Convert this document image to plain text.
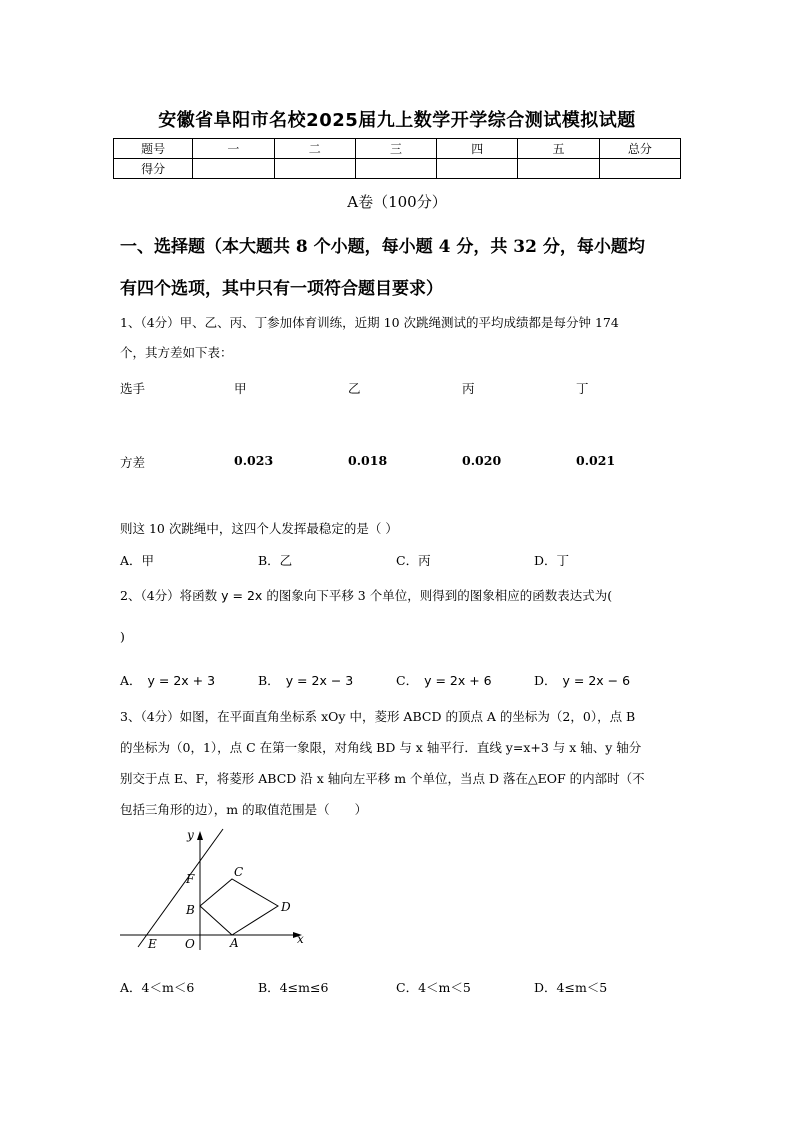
安徽省阜阳市名校2025届九上数学开学综合测试模拟试题
题号	一	二	三	四	五	总分
得分						
A卷（100分）
一、选择题（本大题共 8 个小题，每小题 4 分，共 32 分，每小题均
有四个选项，其中只有一项符合题目要求）
1、（4分）甲、乙、丙、丁参加体育训练，近期 10 次跳绳测试的平均成绩都是每分钟 174
个，其方差如下表：
选手	甲	乙	丙	丁
方差	0.023	0.018	0.020	0.021
则这 10 次跳绳中，这四个人发挥最稳定的是（ ）
A．甲	B．乙	C．丙	D．丁
2、（4分）将函数 y = 2x 的图象向下平移 3 个单位，则得到的图象相应的函数表达式为(
)
A． y = 2x + 3	B． y = 2x − 3	C． y = 2x + 6	D． y = 2x − 6
3、（4分）如图，在平面直角坐标系 xOy 中，菱形 ABCD 的顶点 A 的坐标为（2，0），点 B
的坐标为（0，1），点 C 在第一象限，对角线 BD 与 x 轴平行．直线 y=x+3 与 x 轴、y 轴分
别交于点 E、F，将菱形 ABCD 沿 x 轴向左平移 m 个单位，当点 D 落在△EOF 的内部时（不
包括三角形的边），m 的取值范围是（　　）
y
x
F	C
B	D
E O	A
A．4＜m＜6	B．4≤m≤6	C．4＜m＜5	D．4≤m＜5
